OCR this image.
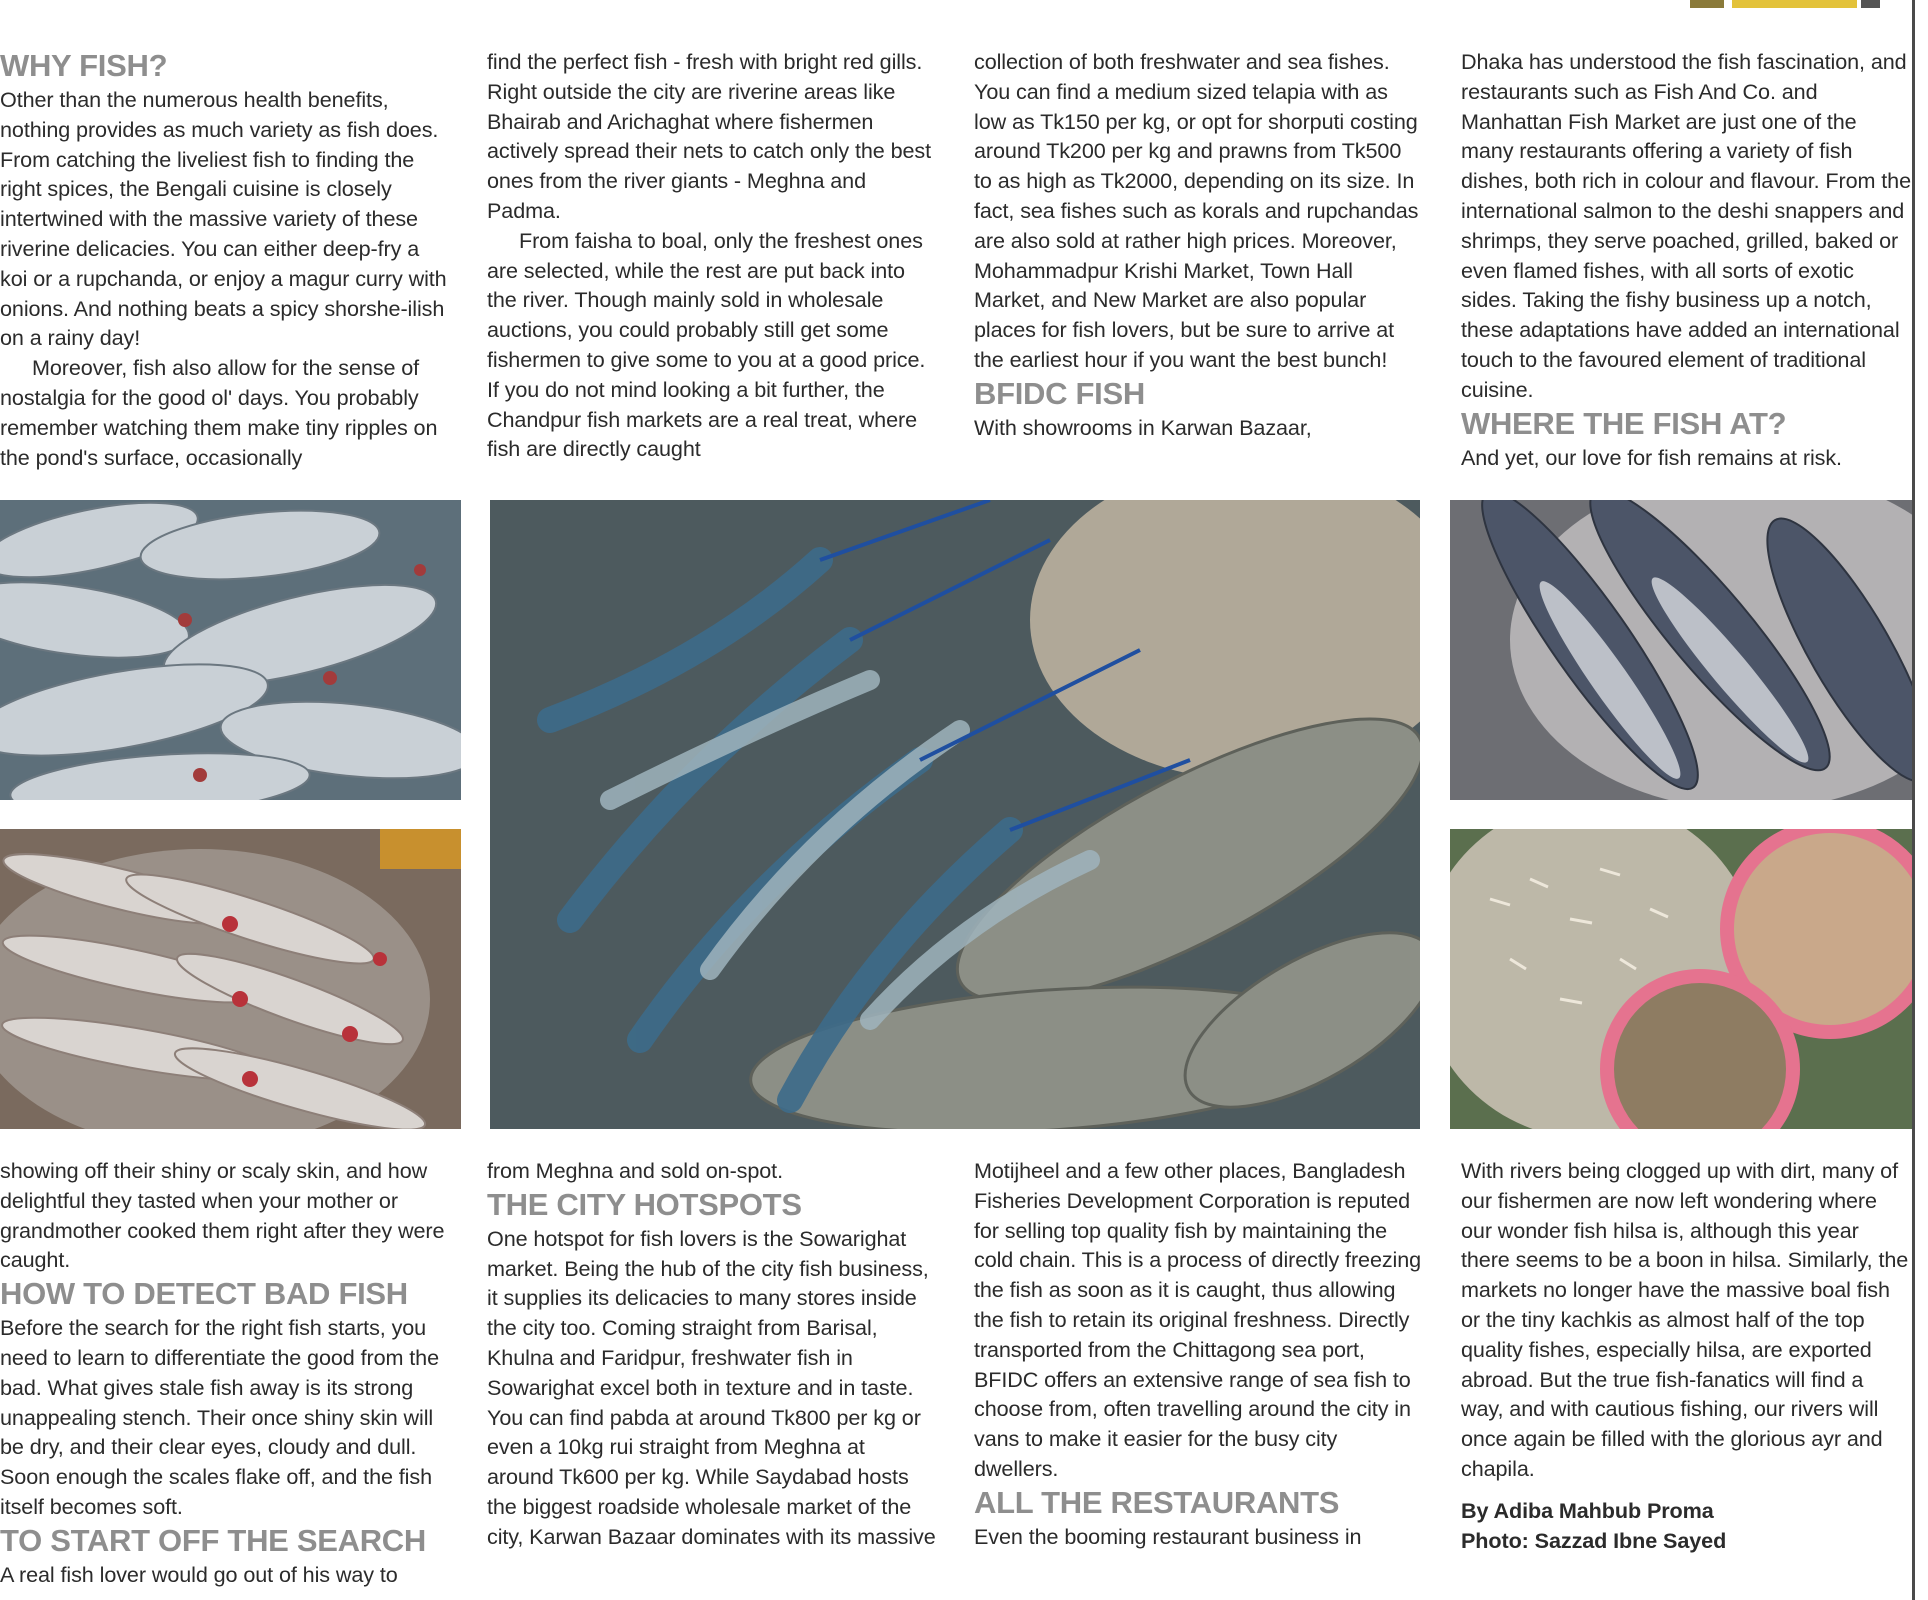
WHY FISH?

Other than the numerous health benefits, nothing provides as much variety as fish does. From catching the liveliest fish to finding the right spices, the Bengali cuisine is closely intertwined with the massive variety of these riverine delicacies. You can either deep-fry a koi or a rupchanda, or enjoy a magur curry with onions. And nothing beats a spicy shorshe-ilish on a rainy day!

Moreover, fish also allow for the sense of nostalgia for the good ol' days. You probably remember watching them make tiny ripples on the pond's surface, occasionally

find the perfect fish - fresh with bright red gills. Right outside the city are riverine areas like Bhairab and Arichaghat where fishermen actively spread their nets to catch only the best ones from the river giants - Meghna and Padma.

From faisha to boal, only the freshest ones are selected, while the rest are put back into the river. Though mainly sold in wholesale auctions, you could probably still get some fishermen to give some to you at a good price. If you do not mind looking a bit further, the Chandpur fish markets are a real treat, where fish are directly caught

collection of both freshwater and sea fishes. You can find a medium sized telapia with as low as Tk150 per kg, or opt for shorputi costing around Tk200 per kg and prawns from Tk500 to as high as Tk2000, depending on its size. In fact, sea fishes such as korals and rupchandas are also sold at rather high prices. Moreover, Mohammadpur Krishi Market, Town Hall Market, and New Market are also popular places for fish lovers, but be sure to arrive at the earliest hour if you want the best bunch!

BFIDC FISH

With showrooms in Karwan Bazaar,

Dhaka has understood the fish fascination, and restaurants such as Fish And Co. and Manhattan Fish Market are just one of the many restaurants offering a variety of fish dishes, both rich in colour and flavour. From the international salmon to the deshi snappers and shrimps, they serve poached, grilled, baked or even flamed fishes, with all sorts of exotic sides. Taking the fishy business up a notch, these adaptations have added an international touch to the favoured element of traditional cuisine.

WHERE THE FISH AT?

And yet, our love for fish remains at risk.

showing off their shiny or scaly skin, and how delightful they tasted when your mother or grandmother cooked them right after they were caught.

HOW TO DETECT BAD FISH

Before the search for the right fish starts, you need to learn to differentiate the good from the bad. What gives stale fish away is its strong unappealing stench. Their once shiny skin will be dry, and their clear eyes, cloudy and dull. Soon enough the scales flake off, and the fish itself becomes soft.

TO START OFF THE SEARCH

A real fish lover would go out of his way to

from Meghna and sold on-spot.

THE CITY HOTSPOTS

One hotspot for fish lovers is the Sowarighat market. Being the hub of the city fish business, it supplies its delicacies to many stores inside the city too. Coming straight from Barisal, Khulna and Faridpur, freshwater fish in Sowarighat excel both in texture and in taste. You can find pabda at around Tk800 per kg or even a 10kg rui straight from Meghna at around Tk600 per kg. While Saydabad hosts the biggest roadside wholesale market of the city, Karwan Bazaar dominates with its massive

Motijheel and a few other places, Bangladesh Fisheries Development Corporation is reputed for selling top quality fish by maintaining the cold chain. This is a process of directly freezing the fish as soon as it is caught, thus allowing the fish to retain its original freshness. Directly transported from the Chittagong sea port, BFIDC offers an extensive range of sea fish to choose from, often travelling around the city in vans to make it easier for the busy city dwellers.

ALL THE RESTAURANTS

Even the booming restaurant business in

With rivers being clogged up with dirt, many of our fishermen are now left wondering where our wonder fish hilsa is, although this year there seems to be a boon in hilsa. Similarly, the markets no longer have the massive boal fish or the tiny kachkis as almost half of the top quality fishes, especially hilsa, are exported abroad. But the true fish-fanatics will find a way, and with cautious fishing, our rivers will once again be filled with the glorious ayr and chapila.

By Adiba Mahbub Proma

Photo: Sazzad Ibne Sayed
